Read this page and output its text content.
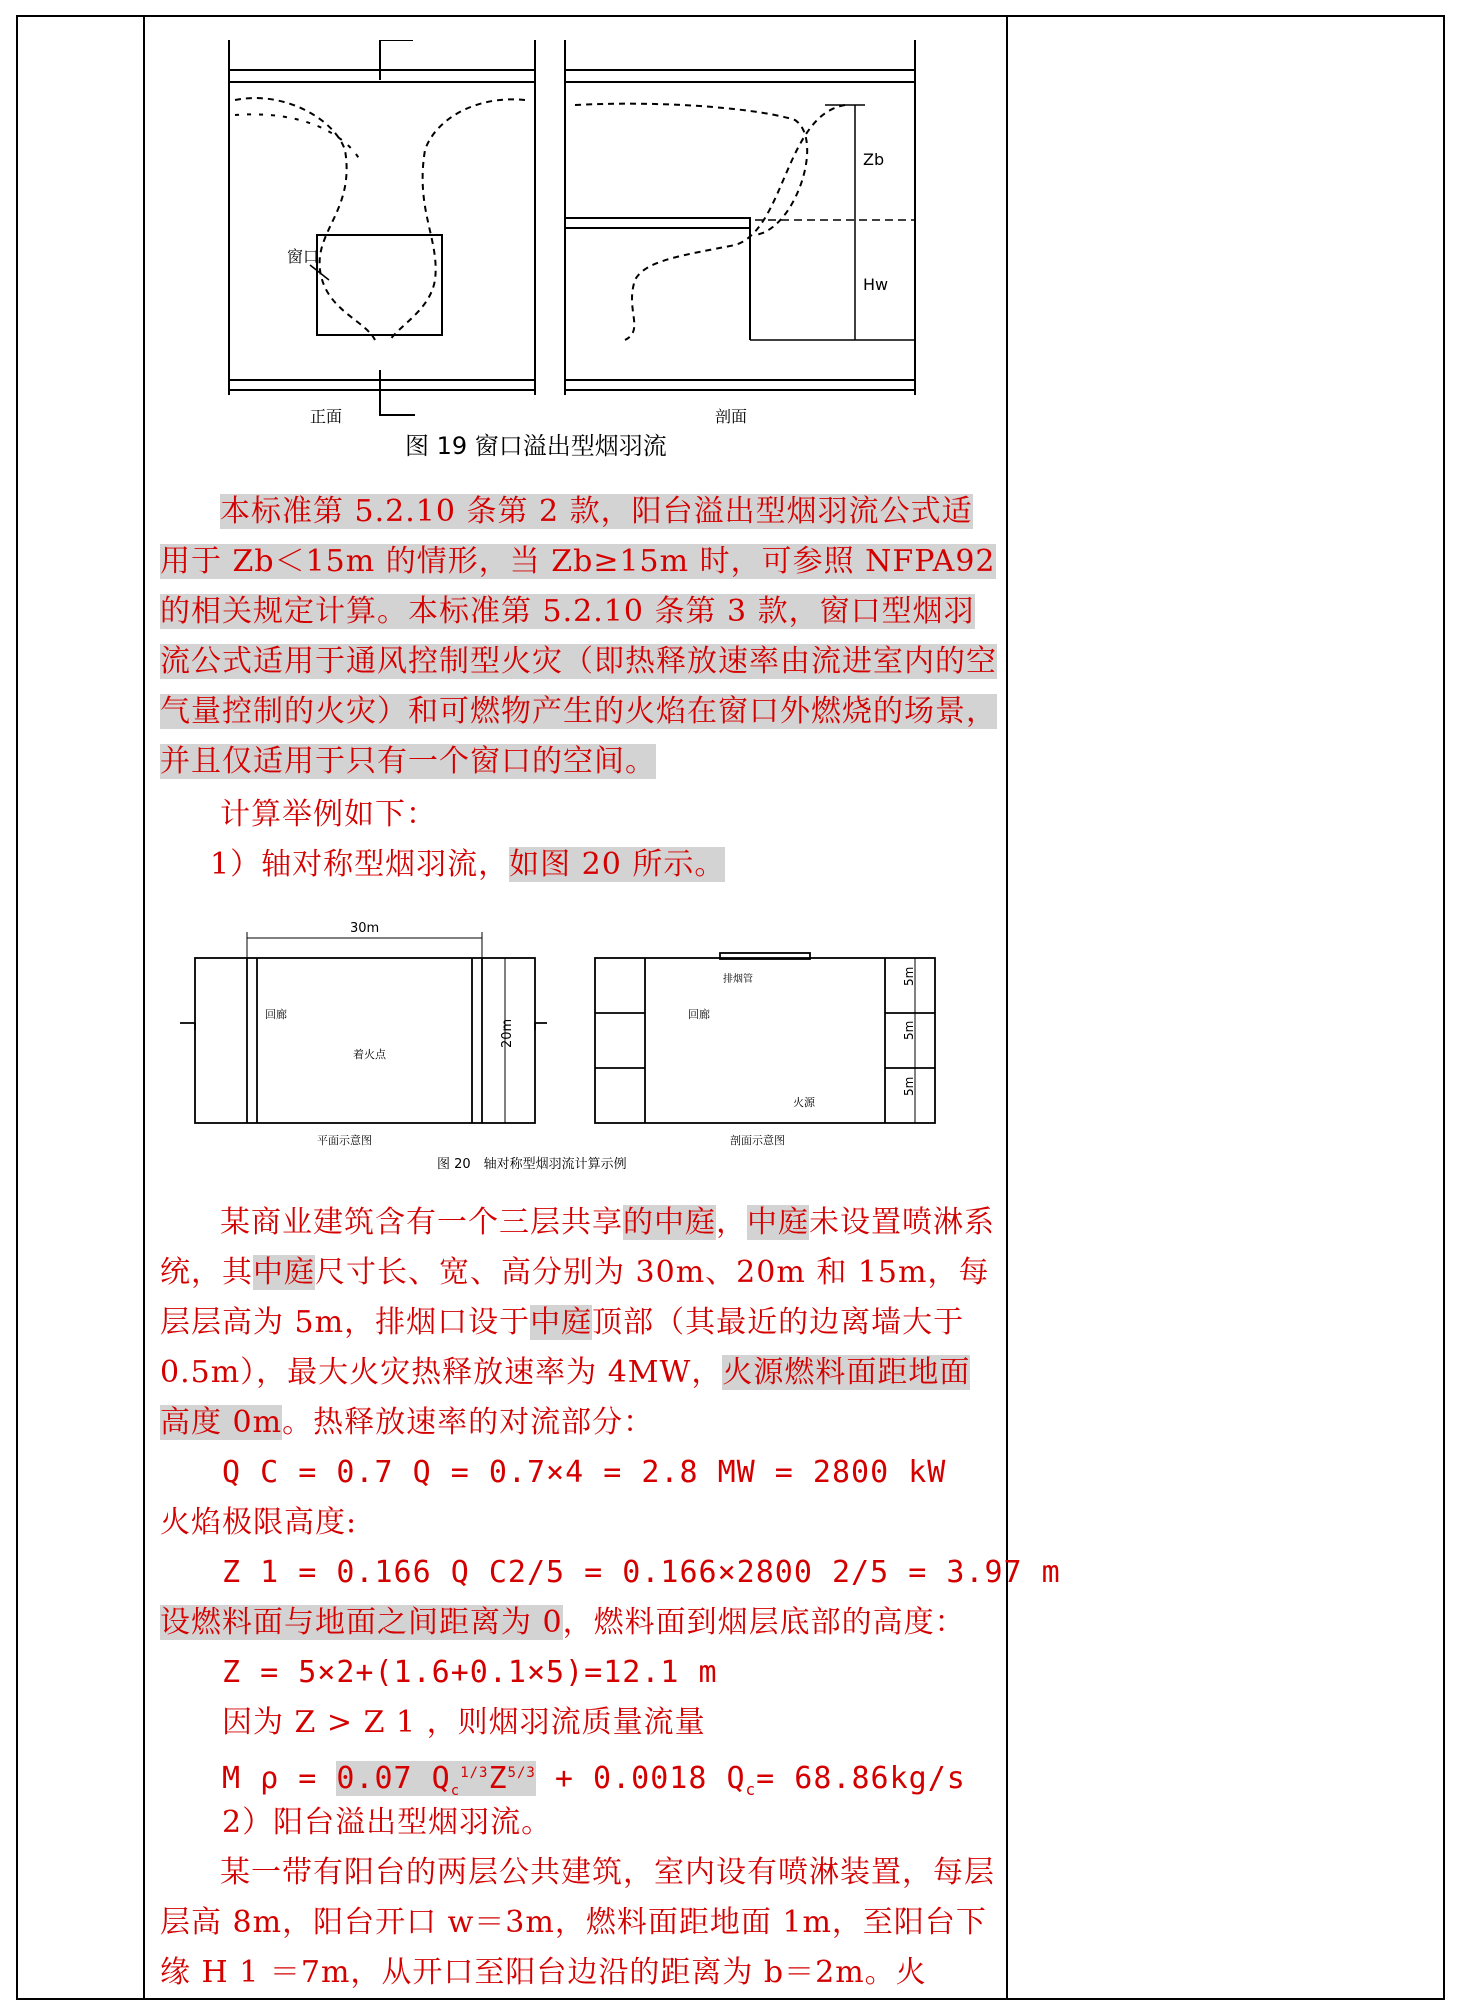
窗口
正面
Zb
Hw
剖面
图 19 窗口溢出型烟羽流
本标准第 5.2.10 条第 2 款，阳台溢出型烟羽流公式适用于 Zb＜15m 的情形，当 Zb≥15m 时，可参照 NFPA92 的相关规定计算。本标准第 5.2.10 条第 3 款，窗口型烟羽流公式适用于通风控制型火灾（即热释放速率由流进室内的空气量控制的火灾）和可燃物产生的火焰在窗口外燃烧的场景，并且仅适用于只有一个窗口的空间。
计算举例如下：
1）轴对称型烟羽流，如图 20 所示。
30m
20m
回廊
着火点
平面示意图
排烟管
回廊
火源
5m
5m
5m
剖面示意图
图 20　轴对称型烟羽流计算示例
某商业建筑含有一个三层共享的中庭，中庭未设置喷淋系统，其中庭尺寸长、宽、高分别为 30m、20m 和 15m，每层层高为 5m，排烟口设于中庭顶部（其最近的边离墙大于 0.5m），最大火灾热释放速率为 4MW，火源燃料面距地面高度 0m。热释放速率的对流部分：
Q C = 0.7 Q = 0.7×4 = 2.8 MW = 2800 kW
火焰极限高度:
Z 1 = 0.166 Q C2/5 = 0.166×2800 2/5 = 3.97 m
设燃料面与地面之间距离为 0，燃料面到烟层底部的高度：
Z = 5×2+(1.6+0.1×5)=12.1 m
因为 Z > Z 1 ，则烟羽流质量流量
M ρ = 0.07 $Q_c^{1/3}Z^{5/3} + 0.0018$ $Q_c= 68.86kg/s$
2）阳台溢出型烟羽流。
某一带有阳台的两层公共建筑，室内设有喷淋装置，每层层高 8m，阳台开口 w＝3m，燃料面距地面 1m，至阳台下缘 H 1 ＝7m，从开口至阳台边沿的距离为 b＝2m。火
